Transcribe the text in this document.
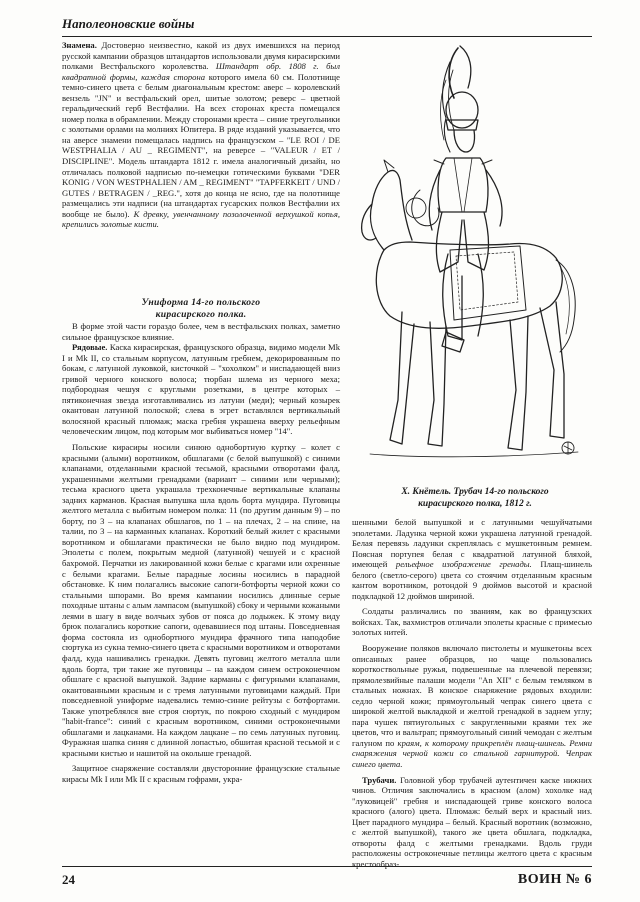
Наполеоновские войны

Знамена. Достоверно неизвестно, какой из двух имевшихся на период русской кампании образцов штандартов использовали двумя кирасирскими полками Вестфальского королевства. Штандарт обр. 1808 г. был квадратной формы, каждая сторона которого имела 60 см. Полотнище темно-синего цвета с белым диагональным крестом: аверс – королевский вензель "JN" и вестфальский орел, шитые золотом; реверс – цветной геральдический герб Вестфалии. На всех сторонах креста помещался номер полка в обрамлении. Между сторонами креста – синие треугольники с золотыми орлами на молниях Юпитера. В ряде изданий указывается, что на аверсе знамени помещалась надпись на французском – "LE ROI / DE WESTPHALIA / AU _ REGIMENT", на реверсе – "VALEUR / ET / DISCIPLINE". Модель штандарта 1812 г. имела аналогичный дизайн, но отличалась полковой надписью по-немецки готическими буквами "DER KONIG / VON WESTPHALIEN / AM _ REGIMENT" "TAPFERKEIT / UND / GUTES / BETRAGEN / _REG.", хотя до конца не ясно, где на полотнище размещались эти надписи (на штандартах гусарских полков Вестфалии их вообще не было). К древку, увенчанному позолоченной верхушкой копья, крепились золотые кисти.

Униформа 14-го польского

кирасирского полка.

В форме этой части гораздо более, чем в вестфальских полках, заметно сильное французское влияние.

Рядовые. Каска кирасирская, французского образца, видимо модели Mk I и Mk II, со стальным корпусом, латунным гребнем, декорированным по бокам, с латунной луковкой, кисточкой – "хохолком" и ниспадающей вниз гривой черного конского волоса; тюрбан шлема из черного меха; подбородная чешуя с круглыми розетками, в центре которых – пятиконечная звезда изготавливались из латуни (меди); черный козырек окантован латунной полоской; слева в эгрет вставлялся вертикальный волосяной красный плюмаж; маска гребня украшена вверху рельефным человеческим лицом, под которым мог выбиваться номер "14".

Польские кирасиры носили синюю однобортную куртку – колет с красными (алыми) воротником, обшлагами (с белой выпушкой) с синими клапанами, отделанными красной тесьмой, красными отворотами фалд, украшенными желтыми гренадками (вариант – синими или черными); тесьма красного цвета украшала трехконечные вертикальные клапаны задних карманов. Красная выпушка шла вдоль борта мундира. Пуговицы желтого металла с выбитым номером полка: 11 (по другим данным 9) – по борту, по 3 – на клапанах обшлагов, по 1 – на плечах, 2 – на спине, на талии, по 3 – на карманных клапанах. Короткий белый жилет с красными воротником и обшлагами практически не было видно под мундиром. Эполеты с полем, покрытым медной (латунной) чешуей и с красной бахромой. Перчатки из лакированной кожи белые с крагами или охренные с белыми крагами. Белые парадные лосины носились в парадной обстановке. К ним полагались высокие сапоги-ботфорты черной кожи со стальными шпорами. Во время кампании носились длинные серые походные штаны с алым лампасом (выпушкой) сбоку и черными кожаными леями в шагу в виде волчьих зубов от пояса до лодыжек. К этому виду брюк полагались короткие сапоги, одевавшиеся под штаны. Повседневная форма состояла из однобортного мундира фрачного типа наподобие сюртука из сукна темно-синего цвета с красными воротником и отворотами фалд, куда нашивались гренадки. Девять пуговиц желтого металла шли вдоль борта, три такие же пуговицы – на каждом синем остроконечном обшлаге с красной выпушкой. Задние карманы с фигурными клапанами, окантованными красным и с тремя латунными пуговицами каждый. При повседневной униформе надевались темно-синие рейтузы с ботфортами. Также употреблялся вне строя сюртук, по покрою сходный с мундиром "habit-france": синий с красным воротником, синими остроконечными обшлагами и лацканами. На каждом лацкане – по семь латунных пуговиц. Фуражная шапка синяя с длинной лопастью, обшитая красной тесьмой и с красными кистью и нашитой на околыше гренадой.

Защитное снаряжение составляли двусторонние французские стальные кирасы Mk I или Mk II с красным гофрами, укра-

Х. Кнётель. Трубач 14-го польского
кирасирского полка, 1812 г.

шенными белой выпушкой и с латунными чешуйчатыми эполетами. Ладунка черной кожи украшена латунной гренадой. Белая перевязь ладунки скреплялась с мушкетонным ремнем. Поясная портупея белая с квадратной латунной бляхой, имеющей рельефное изображение гренады. Плащ-шинель белого (светло-серого) цвета со стоячим отделанным красным кантом воротником, ротондой 9 дюймов высотой и красной подкладкой 12 дюймов шириной.

Солдаты различались по званиям, как во французских войсках. Так, вахмистров отличали эполеты красные с примесью золотых нитей.

Вооружение поляков включало пистолеты и мушкетоны всех описанных ранее образцов, но чаще пользовались короткоствольные ружья, подвешенные на плечевой перевязи; прямолезвийные палаши модели "An XII" с белым темляком в стальных ножнах. В конское снаряжение рядовых входили: седло черной кожи; прямоугольный чепрак синего цвета с широкой желтой выкладкой и желтой гренадкой в заднем углу; пара чушек пятиугольных с закругленными краями тех же цветов, что и вальтрап; прямоугольный синий чемодан с желтым галуном по краям, к которому прикреплён плащ-шинель. Ремни снаряжения черной кожи со стальной гарнитурой. Чепрак синего цвета.

Трубачи. Головной убор трубачей аутентичен каске нижних чинов. Отличия заключались в красном (алом) хохолке над "луковицей" гребня и ниспадающей гриве конского волоса красного (алого) цвета. Плюмаж: белый верх и красный низ. Цвет парадного мундира – белый. Красный воротник (возможно, с желтой выпушкой), такого же цвета обшлага, подкладка, отвороты фалд с желтыми гренадками. Вдоль груди расположены остроконечные петлицы желтого цвета с красным крестообраз-

24	ВОИН № 6
